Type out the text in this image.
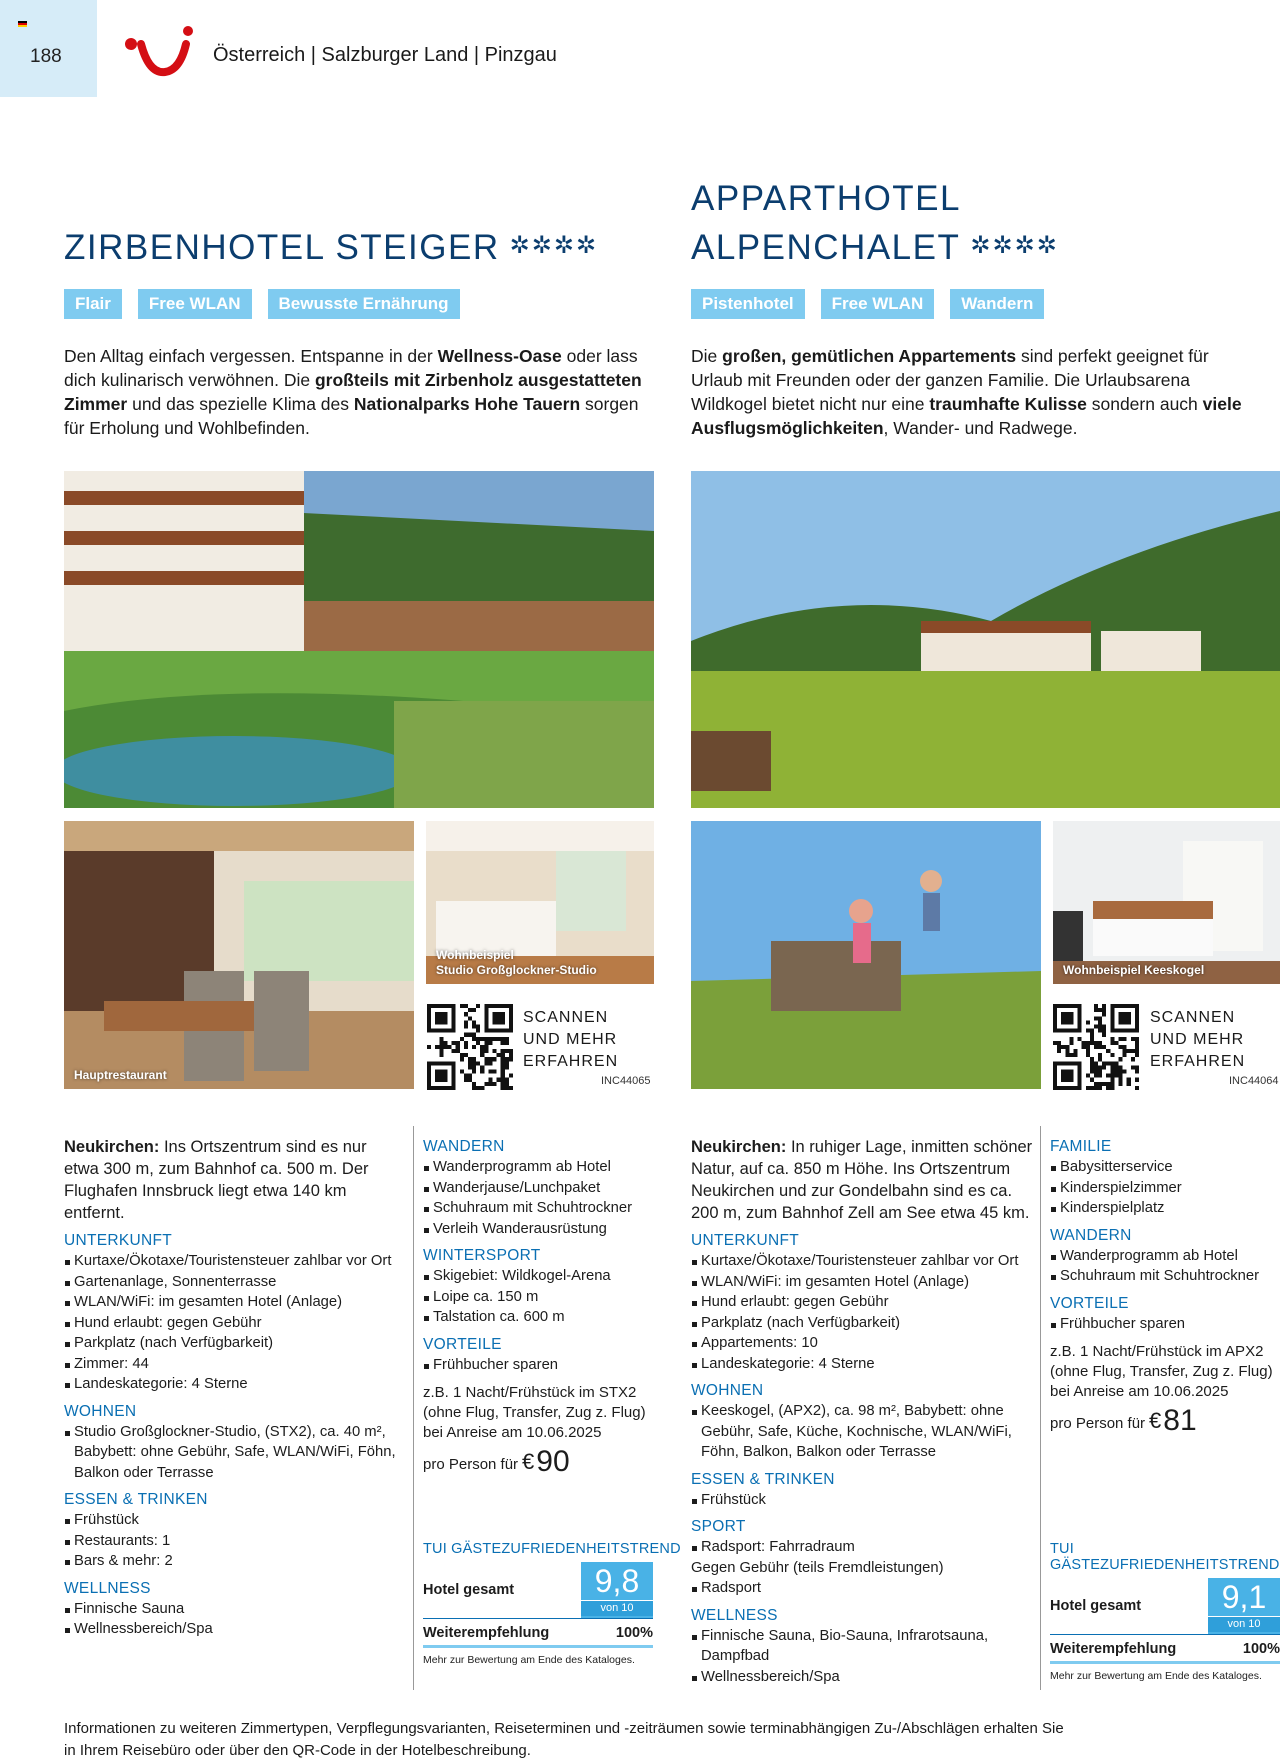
188	Österreich | Salzburger Land | Pinzgau
ZIRBENHOTEL STEIGER ✲✲✲✲
Flair	Free WLAN	Bewusste Ernährung
Den Alltag einfach vergessen. Entspanne in der Wellness-Oase oder lass dich kulinarisch verwöhnen. Die großteils mit Zirbenholz ausgestatteten Zimmer und das spezielle Klima des Nationalparks Hohe Tauern sorgen für Erholung und Wohlbefinden.
APPARTHOTEL
ALPENCHALET ✲✲✲✲
Pistenhotel	Free WLAN	Wandern
Die großen, gemütlichen Appartements sind perfekt geeignet für Urlaub mit Freunden oder der ganzen Familie. Die Urlaubsarena Wildkogel bietet nicht nur eine traumhafte Kulisse sondern auch viele Ausflugsmöglichkeiten, Wander- und Radwege.
Hauptrestaurant
Wohnbeispiel
Studio Großglockner-Studio	Wohnbeispiel Keeskogel
SCANNEN
UND MEHR
ERFAHREN
INC44065
SCANNEN
UND MEHR
ERFAHREN
INC44064
Neukirchen: Ins Ortszentrum sind es nur etwa 300 m, zum Bahnhof ca. 500 m. Der Flughafen Innsbruck liegt etwa 140 km entfernt.
UNTERKUNFT
Kurtaxe/Ökotaxe/Touristensteuer zahlbar vor Ort
Gartenanlage, Sonnenterrasse
WLAN/WiFi: im gesamten Hotel (Anlage)
Hund erlaubt: gegen Gebühr
Parkplatz (nach Verfügbarkeit)
Zimmer: 44
Landeskategorie: 4 Sterne
WOHNEN
Studio Großglockner-Studio, (STX2), ca. 40 m², Babybett: ohne Gebühr, Safe, WLAN/WiFi, Föhn, Balkon oder Terrasse
ESSEN & TRINKEN
Frühstück
Restaurants: 1
Bars & mehr: 2
WELLNESS
Finnische Sauna
Wellnessbereich/Spa
WANDERN
Wanderprogramm ab Hotel
Wanderjause/Lunchpaket
Schuhraum mit Schuhtrockner
Verleih Wanderausrüstung
WINTERSPORT
Skigebiet: Wildkogel-Arena
Loipe ca. 150 m
Talstation ca. 600 m
VORTEILE
Frühbucher sparen
z.B. 1 Nacht/Frühstück im STX2 (ohne Flug, Transfer, Zug z. Flug) bei Anreise am 10.06.2025
pro Person für €90
TUI GÄSTEZUFRIEDENHEITSTREND
Hotel gesamt	9,8
von 10
Weiterempfehlung	100%
Mehr zur Bewertung am Ende des Kataloges.
Neukirchen: In ruhiger Lage, inmitten schöner Natur, auf ca. 850 m Höhe. Ins Ortszentrum Neukirchen und zur Gondelbahn sind es ca. 200 m, zum Bahnhof Zell am See etwa 45 km.
UNTERKUNFT
Kurtaxe/Ökotaxe/Touristensteuer zahlbar vor Ort
WLAN/WiFi: im gesamten Hotel (Anlage)
Hund erlaubt: gegen Gebühr
Parkplatz (nach Verfügbarkeit)
Appartements: 10
Landeskategorie: 4 Sterne
WOHNEN
Keeskogel, (APX2), ca. 98 m², Babybett: ohne Gebühr, Safe, Küche, Kochnische, WLAN/WiFi, Föhn, Balkon, Balkon oder Terrasse
ESSEN & TRINKEN
Frühstück
SPORT
Radsport: Fahrradraum
Gegen Gebühr (teils Fremdleistungen)
Radsport
WELLNESS
Finnische Sauna, Bio-Sauna, Infrarotsauna, Dampfbad
Wellnessbereich/Spa
FAMILIE
Babysitterservice
Kinderspielzimmer
Kinderspielplatz
WANDERN
Wanderprogramm ab Hotel
Schuhraum mit Schuhtrockner
VORTEILE
Frühbucher sparen
z.B. 1 Nacht/Frühstück im APX2 (ohne Flug, Transfer, Zug z. Flug) bei Anreise am 10.06.2025
pro Person für €81
TUI GÄSTEZUFRIEDENHEITSTREND
Hotel gesamt	9,1
von 10
Weiterempfehlung	100%
Mehr zur Bewertung am Ende des Kataloges.
Informationen zu weiteren Zimmertypen, Verpflegungsvarianten, Reiseterminen und -zeiträumen sowie terminabhängigen Zu-/Abschlägen erhalten Sie in Ihrem Reisebüro oder über den QR-Code in der Hotelbeschreibung.
